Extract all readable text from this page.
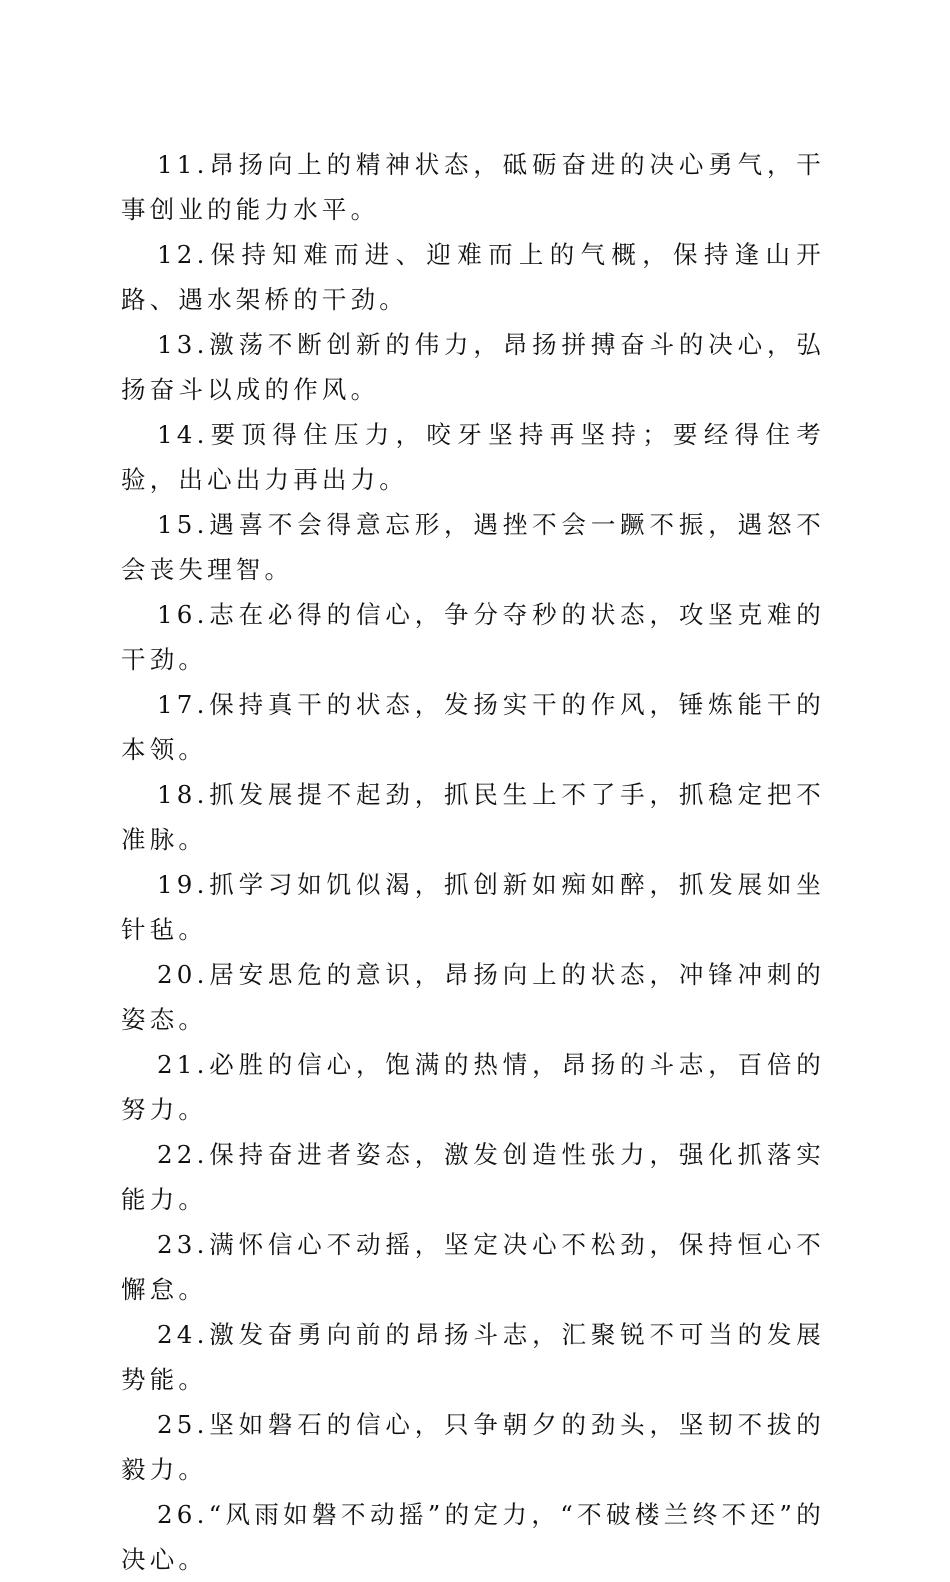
11.昂扬向上的精神状态，砥砺奋进的决心勇气，干事创业的能力水平。

12.保持知难而进、迎难而上的气概，保持逢山开路、遇水架桥的干劲。

13.激荡不断创新的伟力，昂扬拼搏奋斗的决心，弘扬奋斗以成的作风。

14.要顶得住压力，咬牙坚持再坚持；要经得住考验，出心出力再出力。

15.遇喜不会得意忘形，遇挫不会一蹶不振，遇怒不会丧失理智。

16.志在必得的信心，争分夺秒的状态，攻坚克难的干劲。

17.保持真干的状态，发扬实干的作风，锤炼能干的本领。

18.抓发展提不起劲，抓民生上不了手，抓稳定把不准脉。

19.抓学习如饥似渴，抓创新如痴如醉，抓发展如坐针毡。

20.居安思危的意识，昂扬向上的状态，冲锋冲刺的姿态。

21.必胜的信心，饱满的热情，昂扬的斗志，百倍的努力。

22.保持奋进者姿态，激发创造性张力，强化抓落实能力。

23.满怀信心不动摇，坚定决心不松劲，保持恒心不懈怠。

24.激发奋勇向前的昂扬斗志，汇聚锐不可当的发展势能。

25.坚如磐石的信心，只争朝夕的劲头，坚韧不拔的毅力。

26.“风雨如磐不动摇”的定力，“不破楼兰终不还”的决心。
